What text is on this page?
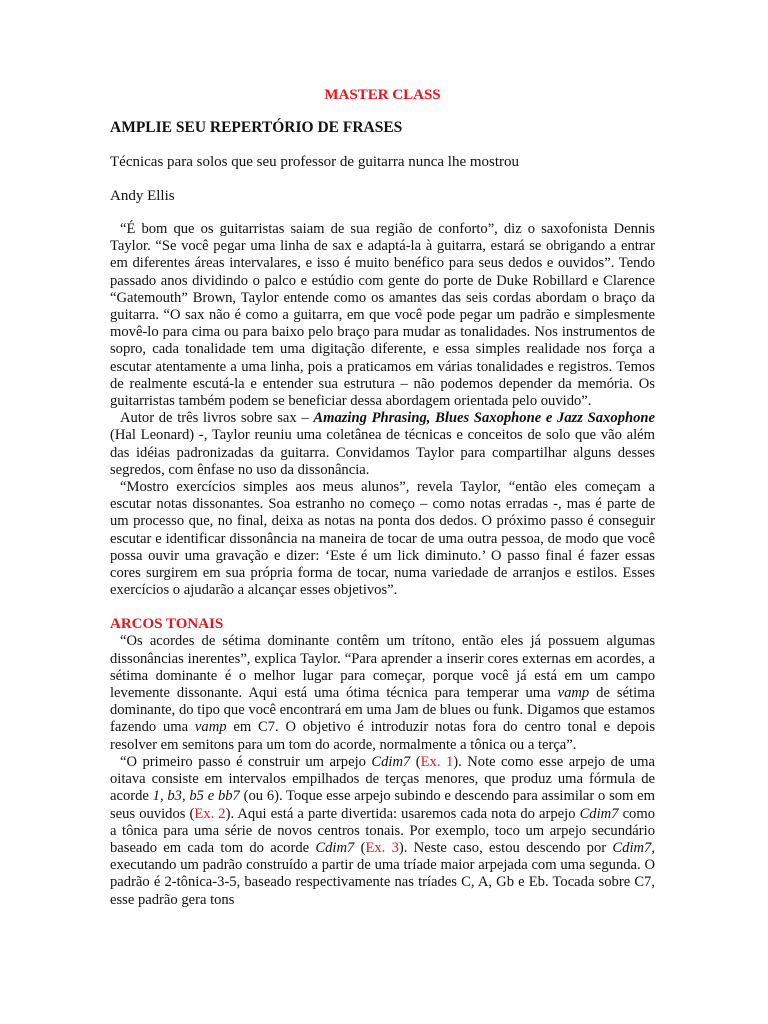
MASTER CLASS
AMPLIE SEU REPERTÓRIO DE FRASES
Técnicas para solos que seu professor de guitarra nunca lhe mostrou
Andy Ellis

“É bom que os guitarristas saiam de sua região de conforto”, diz o saxofonista Dennis Taylor. “Se você pegar uma linha de sax e adaptá-la à guitarra, estará se obrigando a entrar em diferentes áreas intervalares, e isso é muito benéfico para seus dedos e ouvidos”. Tendo passado anos dividindo o palco e estúdio com gente do porte de Duke Robillard e Clarence “Gatemouth” Brown, Taylor entende como os amantes das seis cordas abordam o braço da guitarra. “O sax não é como a guitarra, em que você pode pegar um padrão e simplesmente movê-lo para cima ou para baixo pelo braço para mudar as tonalidades. Nos instrumentos de sopro, cada tonalidade tem uma digitação diferente, e essa simples realidade nos força a escutar atentamente a uma linha, pois a praticamos em várias tonalidades e registros. Temos de realmente escutá-la e entender sua estrutura – não podemos depender da memória. Os guitarristas também podem se beneficiar dessa abordagem orientada pelo ouvido”.

Autor de três livros sobre sax – Amazing Phrasing, Blues Saxophone e Jazz Saxophone (Hal Leonard) -, Taylor reuniu uma coletânea de técnicas e conceitos de solo que vão além das idéias padronizadas da guitarra. Convidamos Taylor para compartilhar alguns desses segredos, com ênfase no uso da dissonância.

“Mostro exercícios simples aos meus alunos”, revela Taylor, “então eles começam a escutar notas dissonantes. Soa estranho no começo – como notas erradas -, mas é parte de um processo que, no final, deixa as notas na ponta dos dedos. O próximo passo é conseguir escutar e identificar dissonância na maneira de tocar de uma outra pessoa, de modo que você possa ouvir uma gravação e dizer: ‘Este é um lick diminuto.’ O passo final é fazer essas cores surgirem em sua própria forma de tocar, numa variedade de arranjos e estilos. Esses exercícios o ajudarão a alcançar esses objetivos”.

ARCOS TONAIS

“Os acordes de sétima dominante contêm um trítono, então eles já possuem algumas dissonâncias inerentes”, explica Taylor. “Para aprender a inserir cores externas em acordes, a sétima dominante é o melhor lugar para começar, porque você já está em um campo levemente dissonante. Aqui está uma ótima técnica para temperar uma vamp de sétima dominante, do tipo que você encontrará em uma Jam de blues ou funk. Digamos que estamos fazendo uma vamp em C7. O objetivo é introduzir notas fora do centro tonal e depois resolver em semitons para um tom do acorde, normalmente a tônica ou a terça”.

“O primeiro passo é construir um arpejo Cdim7 (Ex. 1). Note como esse arpejo de uma oitava consiste em intervalos empilhados de terças menores, que produz uma fórmula de acorde 1, b3, b5 e bb7 (ou 6). Toque esse arpejo subindo e descendo para assimilar o som em seus ouvidos (Ex. 2). Aqui está a parte divertida: usaremos cada nota do arpejo Cdim7 como a tônica para uma série de novos centros tonais. Por exemplo, toco um arpejo secundário baseado em cada tom do acorde Cdim7 (Ex. 3). Neste caso, estou descendo por Cdim7, executando um padrão construído a partir de uma tríade maior arpejada com uma segunda. O padrão é 2-tônica-3-5, baseado respectivamente nas tríades C, A, Gb e Eb. Tocada sobre C7, esse padrão gera tons
